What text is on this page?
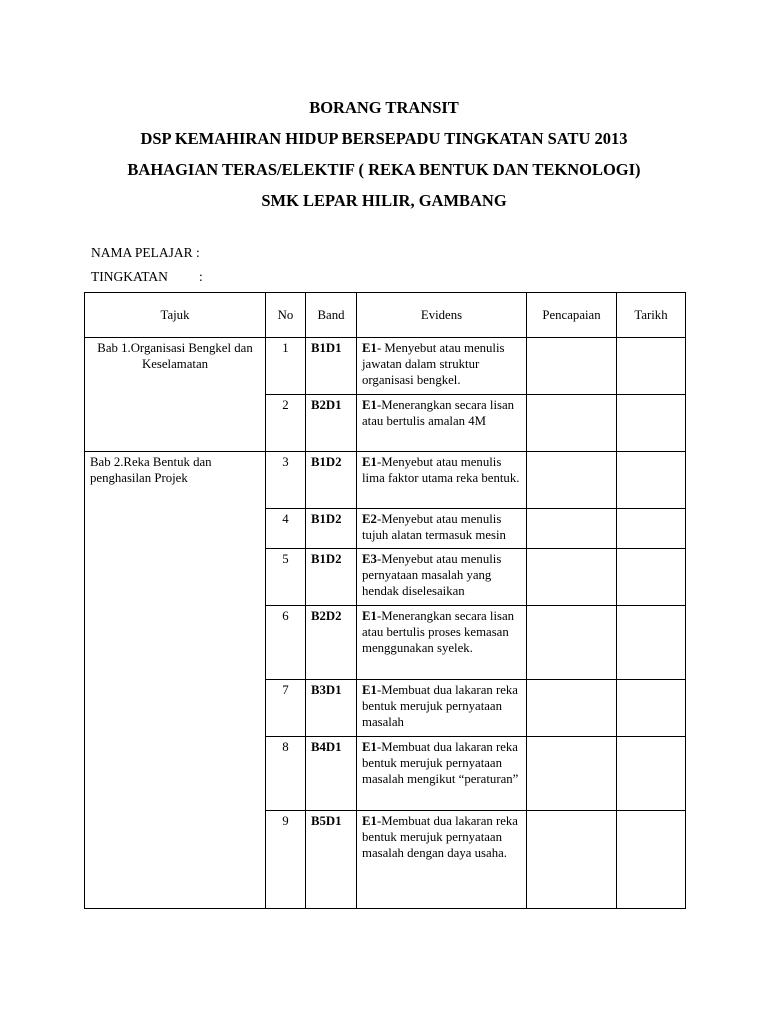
BORANG TRANSIT
DSP KEMAHIRAN HIDUP BERSEPADU TINGKATAN SATU 2013
BAHAGIAN TERAS/ELEKTIF ( REKA BENTUK DAN TEKNOLOGI)
SMK LEPAR HILIR, GAMBANG
NAMA PELAJAR :
TINGKATAN	:
Tajuk	No	Band	Evidens	Pencapaian	Tarikh
Bab 1.Organisasi Bengkel dan Keselamatan	1	B1D1	E1- Menyebut atau menulis jawatan dalam struktur organisasi bengkel.		
	2	B2D1	E1-Menerangkan secara lisan atau bertulis amalan 4M		
Bab 2.Reka Bentuk dan penghasilan Projek	3	B1D2	E1-Menyebut atau menulis lima faktor utama reka bentuk.		
	4	B1D2	E2-Menyebut atau menulis tujuh alatan termasuk mesin		
	5	B1D2	E3-Menyebut atau menulis pernyataan masalah yang hendak diselesaikan		
	6	B2D2	E1-Menerangkan secara lisan atau bertulis proses kemasan menggunakan syelek.		
	7	B3D1	E1-Membuat dua lakaran reka bentuk merujuk pernyataan masalah		
	8	B4D1	E1-Membuat dua lakaran reka bentuk merujuk pernyataan masalah mengikut “peraturan”		
	9	B5D1	E1-Membuat dua lakaran reka bentuk merujuk pernyataan masalah dengan daya usaha.		
